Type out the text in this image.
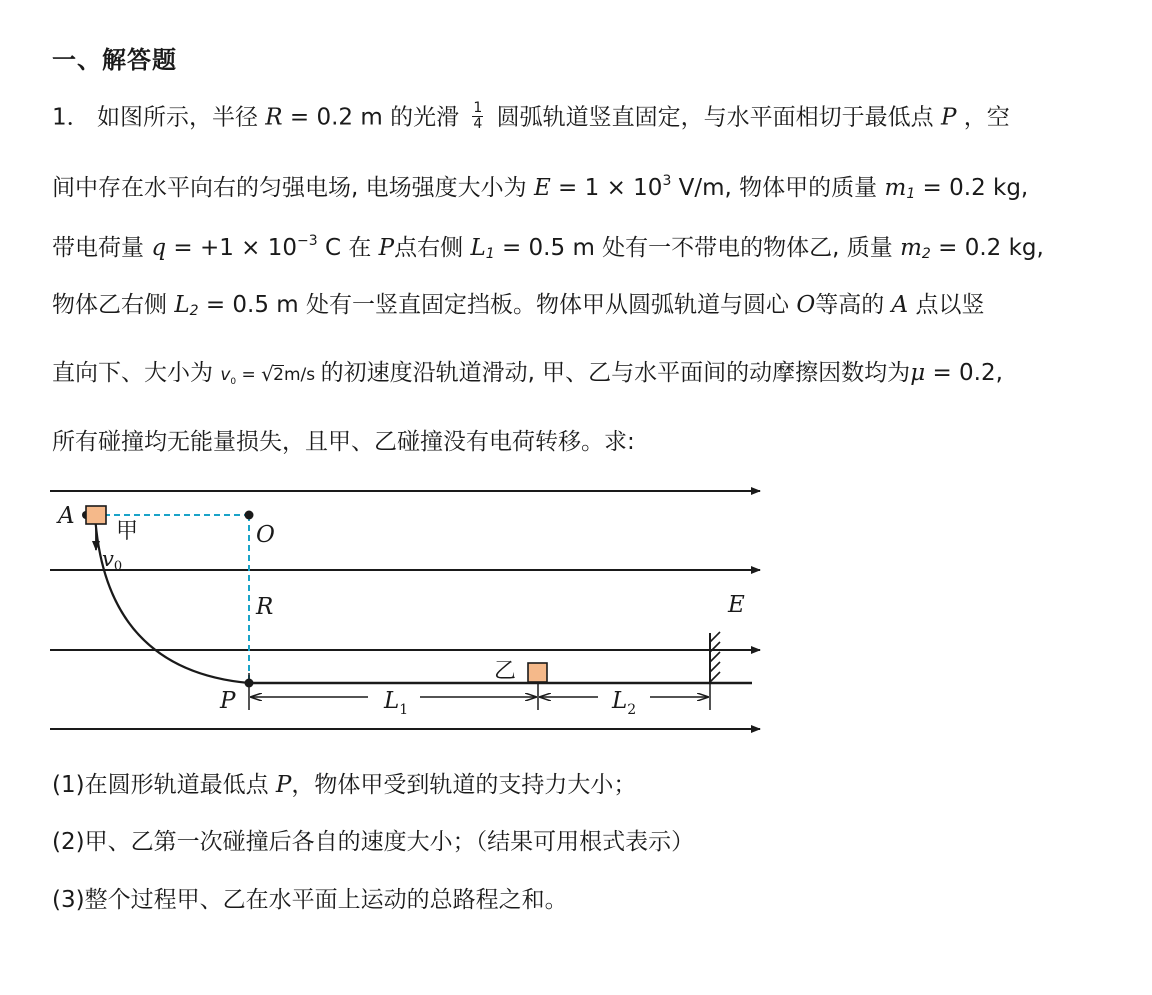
一、解答题
1． 如图所示，半径 R = 0.2 m 的光滑 $\frac{1}{4}$ 圆弧轨道竖直固定，与水平面相切于最低点 P ，空
间中存在水平向右的匀强电场, 电场强度大小为 $E = 1 \times 10^3$ V/m, 物体甲的质量 $m_1 = 0.2$ kg,
带电荷量 $q = +1 \times 10^{-3}$ C 在 P点右侧 $L_1 = 0.5$ m 处有一不带电的物体乙, 质量 $m_2 = 0.2$ kg,
物体乙右侧 $L_2 = 0.5$ m 处有一竖直固定挡板。物体甲从圆弧轨道与圆心 O等高的 A 点以竖
直向下、大小为 $v_0$ = √ 2m/s 的初速度沿轨道滑动, 甲、乙与水平面间的动摩擦因数均为μ = 0.2,
所有碰撞均无能量损失，且甲、乙碰撞没有电荷转移。求:
A
甲
v0
O
R	E
乙
P	$L_1$	$L_2$
(1)在圆形轨道最低点 P，物体甲受到轨道的支持力大小；
(2)甲、乙第一次碰撞后各自的速度大小；（结果可用根式表示）
(3)整个过程甲、乙在水平面上运动的总路程之和。
